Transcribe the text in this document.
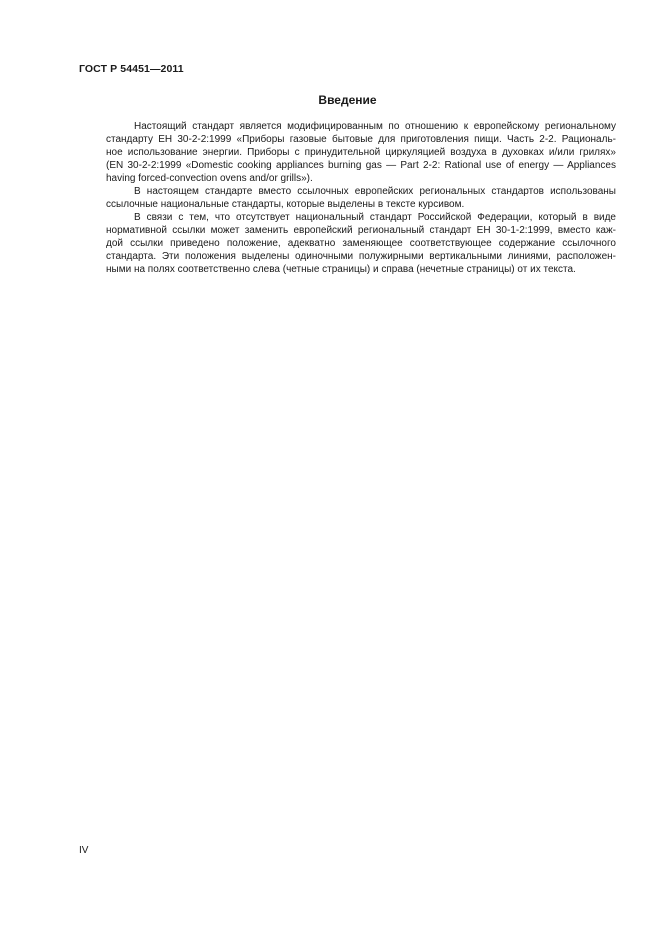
ГОСТ Р 54451—2011
Введение
Настоящий стандарт является модифицированным по отношению к европейскому региональному
стандарту ЕН 30-2-2:1999 «Приборы газовые бытовые для приготовления пищи. Часть 2-2. Рациональ-
ное использование энергии. Приборы с принудительной циркуляцией воздуха в духовках и/или грилях»
(EN 30-2-2:1999 «Domestic cooking appliances burning gas — Part 2-2: Rational use of energy — Appliances
having forced-convection ovens and/or grills»).
В настоящем стандарте вместо ссылочных европейских региональных стандартов использованы
ссылочные национальные стандарты, которые выделены в тексте курсивом.
В связи с тем, что отсутствует национальный стандарт Российской Федерации, который в виде
нормативной ссылки может заменить европейский региональный стандарт ЕН 30-1-2:1999, вместо каж-
дой ссылки приведено положение, адекватно заменяющее соответствующее содержание ссылочного
стандарта. Эти положения выделены одиночными полужирными вертикальными линиями, расположен-
ными на полях соответственно слева (четные страницы) и справа (нечетные страницы) от их текста.
IV
